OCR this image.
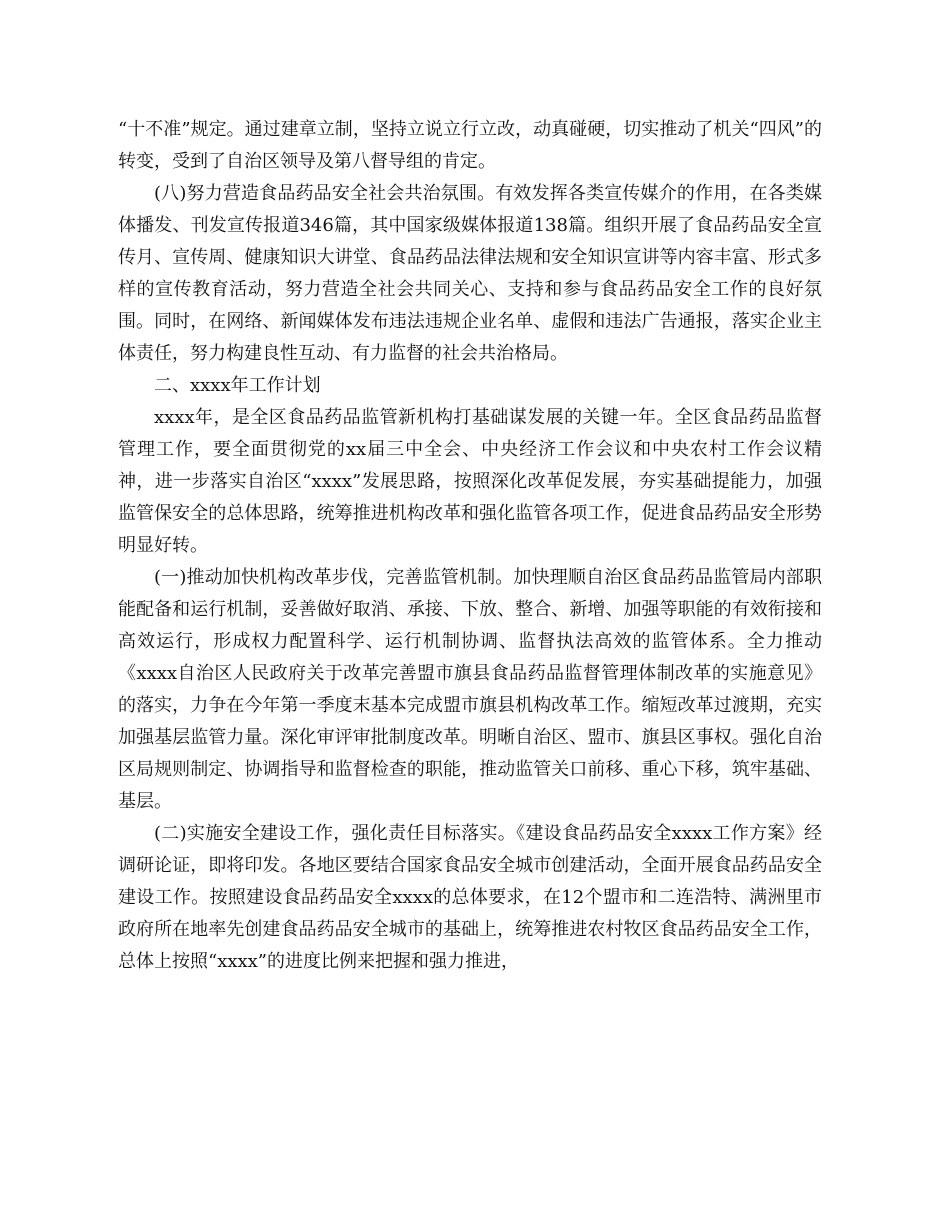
“十不准”规定。通过建章立制，坚持立说立行立改，动真碰硬，切实推动了机关“四风”的转变，受到了自治区领导及第八督导组的肯定。

(八)努力营造食品药品安全社会共治氛围。有效发挥各类宣传媒介的作用，在各类媒体播发、刊发宣传报道346篇，其中国家级媒体报道138篇。组织开展了食品药品安全宣传月、宣传周、健康知识大讲堂、食品药品法律法规和安全知识宣讲等内容丰富、形式多样的宣传教育活动，努力营造全社会共同关心、支持和参与食品药品安全工作的良好氛围。同时，在网络、新闻媒体发布违法违规企业名单、虚假和违法广告通报，落实企业主体责任，努力构建良性互动、有力监督的社会共治格局。

二、xxxx年工作计划

xxxx年，是全区食品药品监管新机构打基础谋发展的关键一年。全区食品药品监督管理工作，要全面贯彻党的xx届三中全会、中央经济工作会议和中央农村工作会议精神，进一步落实自治区“xxxx”发展思路，按照深化改革促发展，夯实基础提能力，加强监管保安全的总体思路，统筹推进机构改革和强化监管各项工作，促进食品药品安全形势明显好转。

(一)推动加快机构改革步伐，完善监管机制。加快理顺自治区食品药品监管局内部职能配备和运行机制，妥善做好取消、承接、下放、整合、新增、加强等职能的有效衔接和高效运行，形成权力配置科学、运行机制协调、监督执法高效的监管体系。全力推动《xxxx自治区人民政府关于改革完善盟市旗县食品药品监督管理体制改革的实施意见》的落实，力争在今年第一季度末基本完成盟市旗县机构改革工作。缩短改革过渡期，充实加强基层监管力量。深化审评审批制度改革。明晰自治区、盟市、旗县区事权。强化自治区局规则制定、协调指导和监督检查的职能，推动监管关口前移、重心下移，筑牢基础、基层。

(二)实施安全建设工作，强化责任目标落实。《建设食品药品安全xxxx工作方案》经调研论证，即将印发。各地区要结合国家食品安全城市创建活动，全面开展食品药品安全建设工作。按照建设食品药品安全xxxx的总体要求，在12个盟市和二连浩特、满洲里市政府所在地率先创建食品药品安全城市的基础上，统筹推进农村牧区食品药品安全工作，总体上按照“xxxx”的进度比例来把握和强力推进，
